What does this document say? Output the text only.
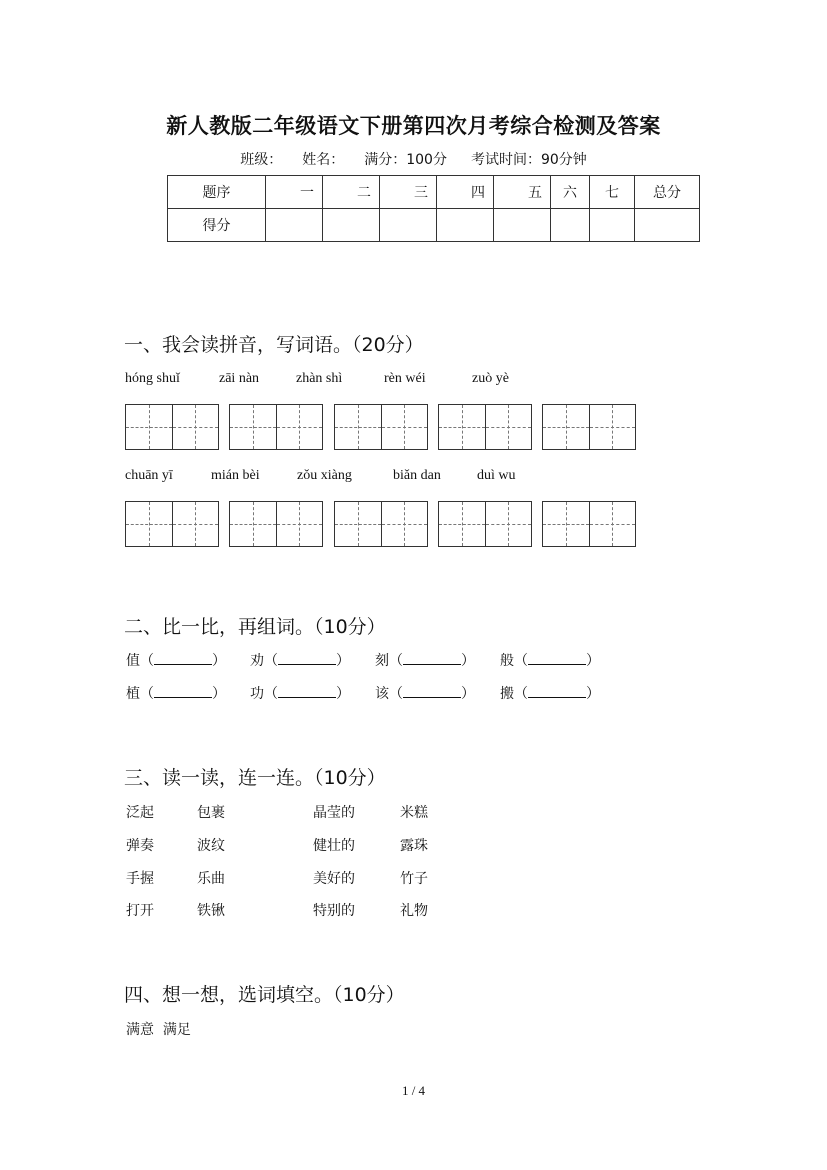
新人教版二年级语文下册第四次月考综合检测及答案
班级： 姓名： 满分：100分 考试时间：90分钟
题序	一	二	三	四	五	六	七	总分
得分								
一、我会读拼音，写词语。（20分）
hóng shuǐ	zāi nàn	zhàn shì	rèn wéi	zuò yè
chuān yī	mián bèi	zǒu xiàng	biǎn dan	duì wu
二、比一比，再组词。（10分）
值（	） 劝（	） 刻（	） 般（	）
植（	） 功（	） 该（	） 搬（	）
三、读一读，连一连。（10分）
泛起	包裹	晶莹的	米糕
弹奏	波纹	健壮的	露珠
手握	乐曲	美好的	竹子
打开	铁锹	特别的	礼物
四、想一想，选词填空。（10分）
满意  满足
1 / 4
